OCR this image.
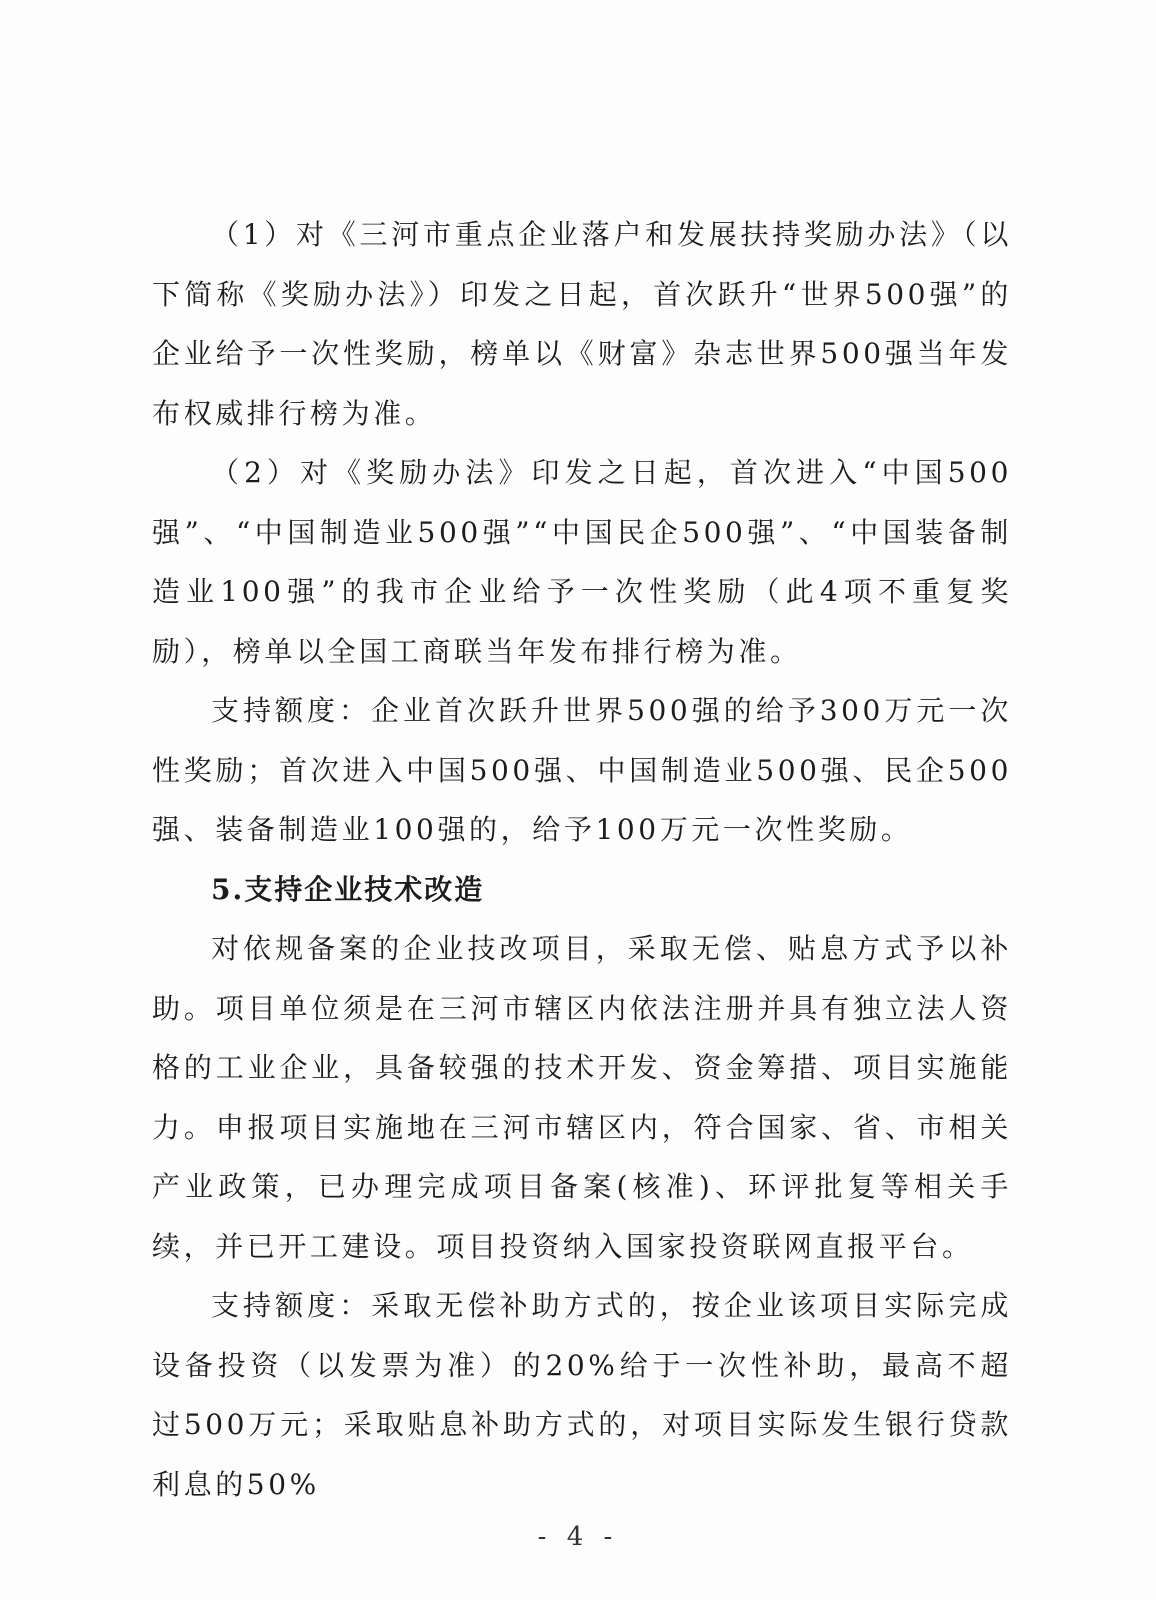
（1）对《三河市重点企业落户和发展扶持奖励办法》（以下简称《奖励办法》）印发之日起，首次跃升“世界500强”的企业给予一次性奖励，榜单以《财富》杂志世界500强当年发布权威排行榜为准。

（2）对《奖励办法》印发之日起，首次进入“中国500强”、“中国制造业500强”“中国民企500强”、“中国装备制造业100强”的我市企业给予一次性奖励（此4项不重复奖励），榜单以全国工商联当年发布排行榜为准。

支持额度：企业首次跃升世界500强的给予300万元一次性奖励；首次进入中国500强、中国制造业500强、民企500强、装备制造业100强的，给予100万元一次性奖励。

5.支持企业技术改造

对依规备案的企业技改项目，采取无偿、贴息方式予以补助。项目单位须是在三河市辖区内依法注册并具有独立法人资格的工业企业，具备较强的技术开发、资金筹措、项目实施能力。申报项目实施地在三河市辖区内，符合国家、省、市相关产业政策，已办理完成项目备案(核准)、环评批复等相关手续，并已开工建设。项目投资纳入国家投资联网直报平台。

支持额度：采取无偿补助方式的，按企业该项目实际完成设备投资（以发票为准）的20%给于一次性补助，最高不超过500万元；采取贴息补助方式的，对项目实际发生银行贷款利息的50%

- 4 -
